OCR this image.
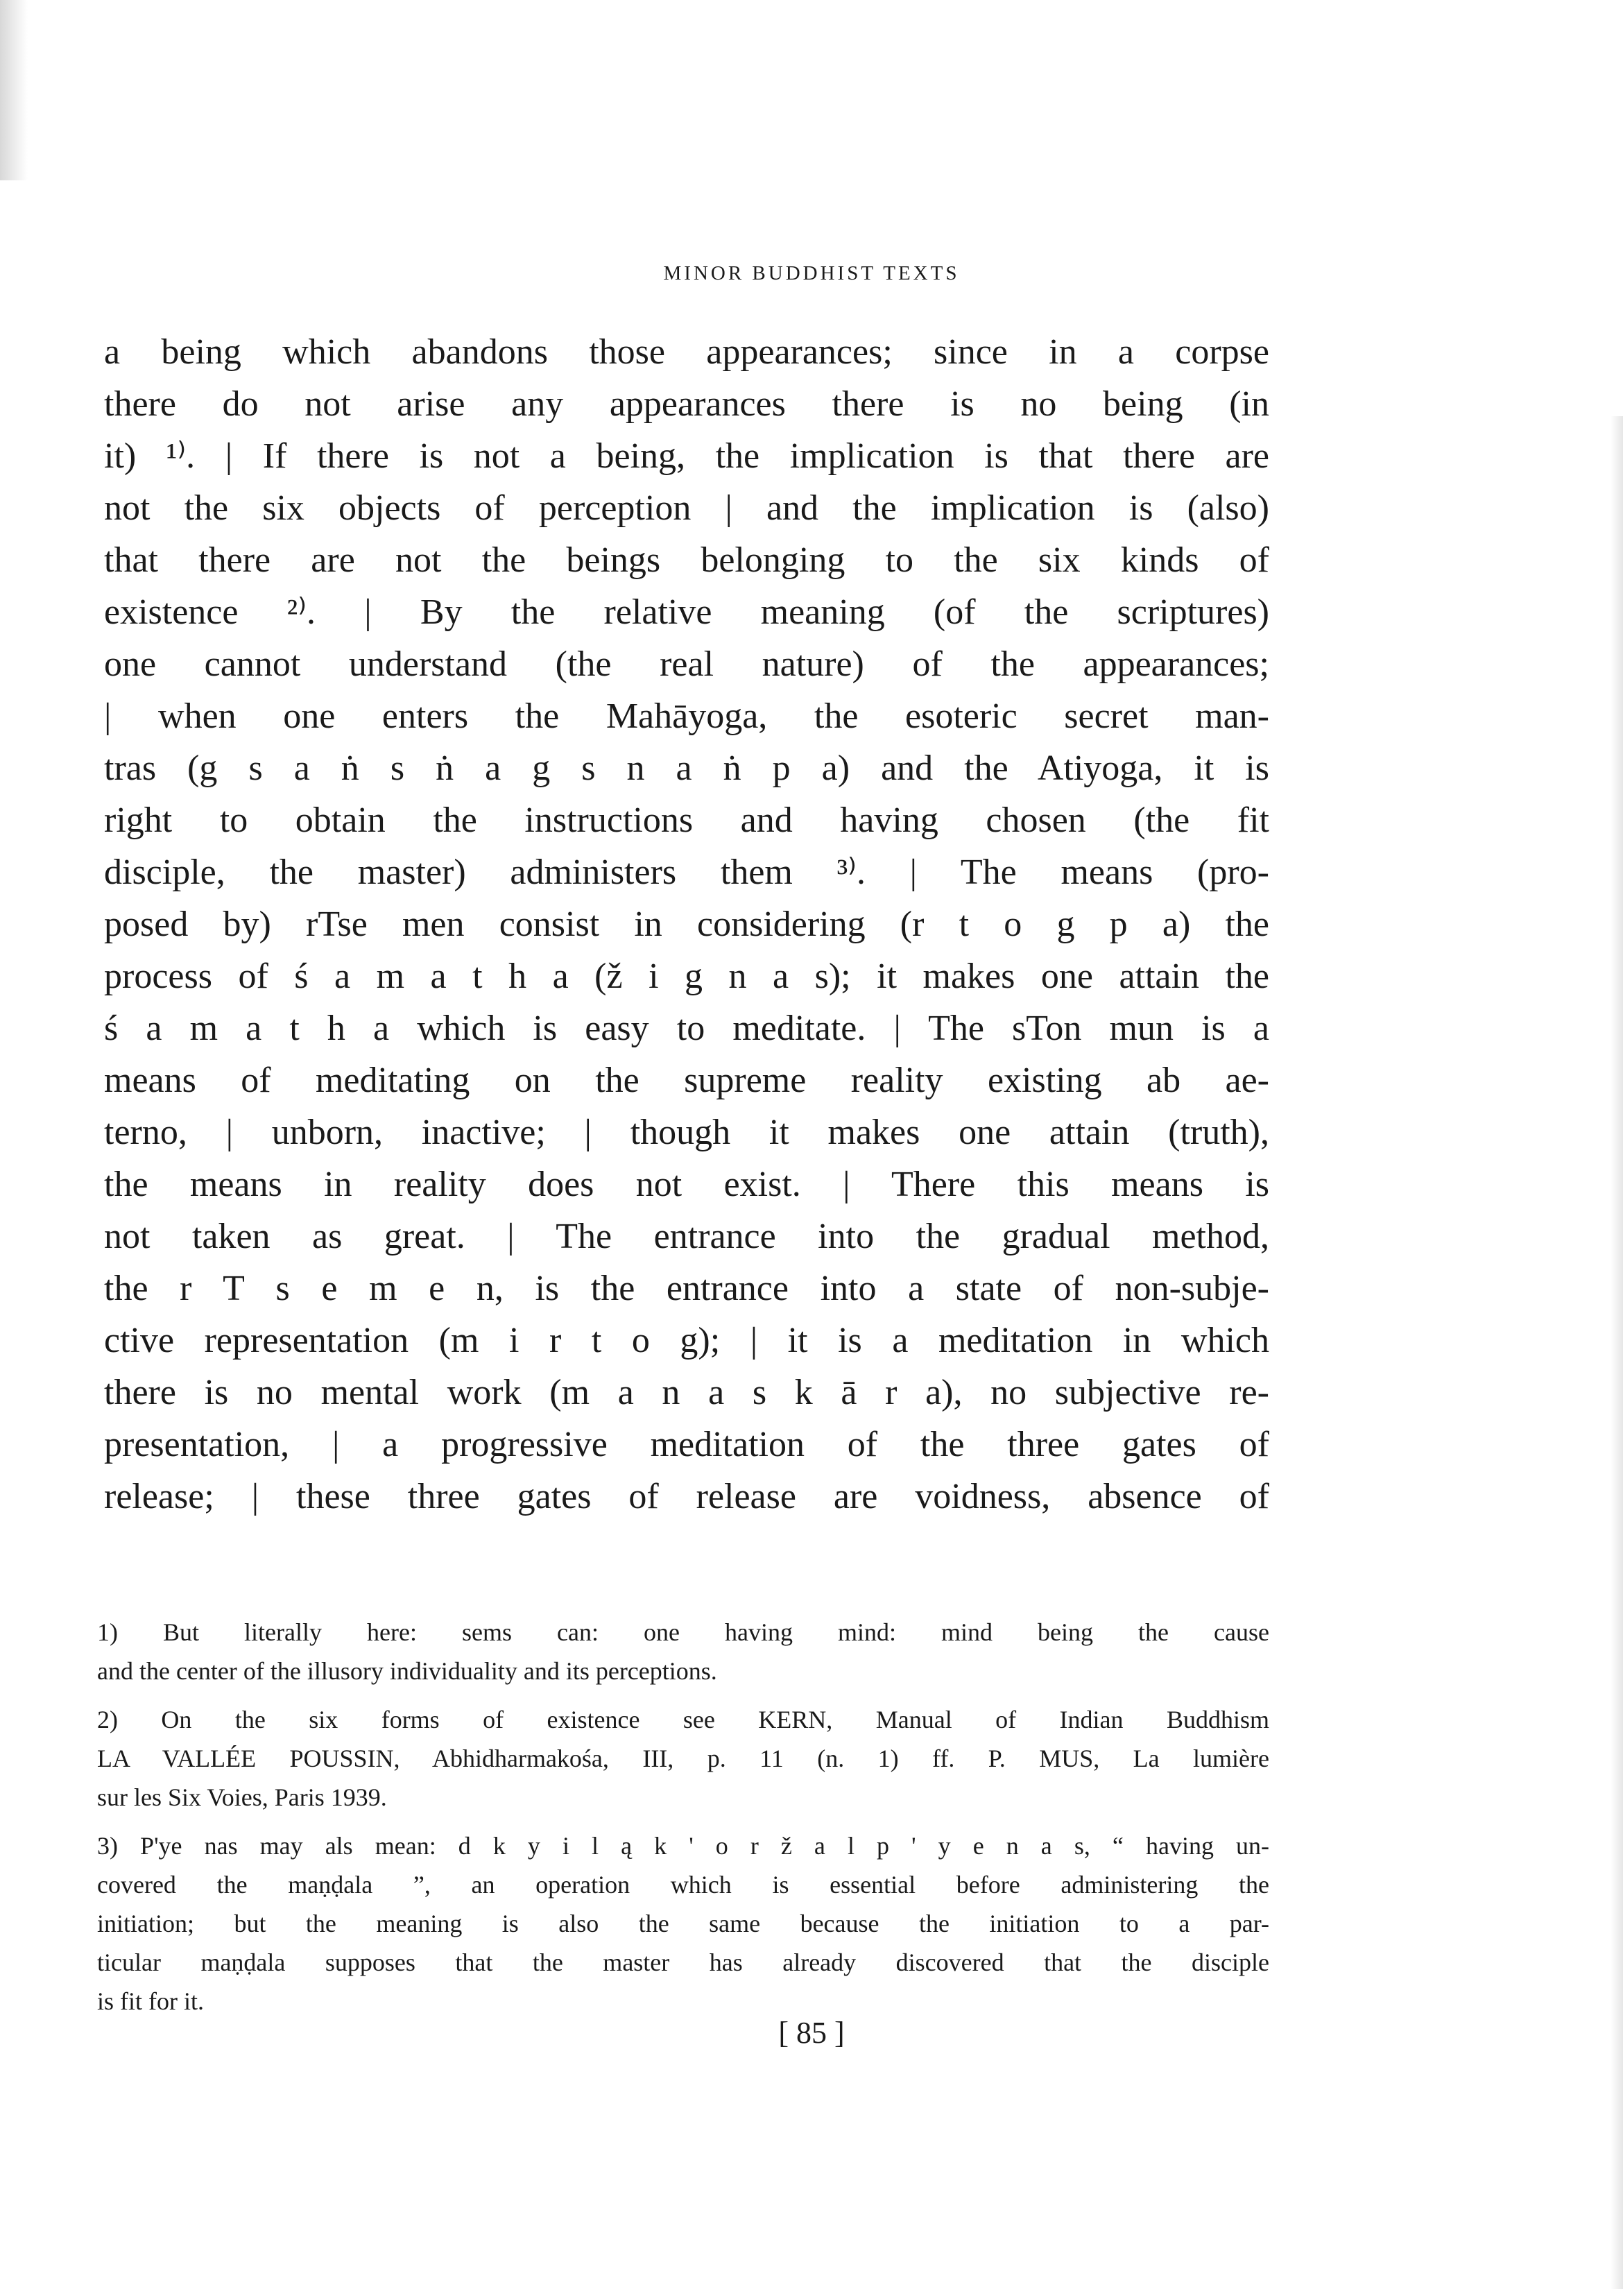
MINOR BUDDHIST TEXTS
a being which abandons those appearances; since in a corpse
there do not arise any appearances there is no being (in
it) ¹⁾. | If there is not a being, the implication is that there are
not the six objects of perception | and the implication is (also)
that there are not the beings belonging to the six kinds of
existence ²⁾. | By the relative meaning (of the scriptures)
one cannot understand (the real nature) of the appearances;
| when one enters the Mahāyoga, the esoteric secret man-
tras (g s a ṅ s ṅ a g s n a ṅ p a) and the Atiyoga, it is
right to obtain the instructions and having chosen (the fit
disciple, the master) administers them ³⁾. | The means (pro-
posed by) rTse men consist in considering (r t o g p a) the
process of ś a m a t h a (ž i g n a s); it makes one attain the
ś a m a t h a which is easy to meditate. | The sTon mun is a
means of meditating on the supreme reality existing ab ae-
terno, | unborn, inactive; | though it makes one attain (truth),
the means in reality does not exist. | There this means is
not taken as great. | The entrance into the gradual method,
the r T s e m e n, is the entrance into a state of non-subje-
ctive representation (m i r t o g); | it is a meditation in which
there is no mental work (m a n a s k ā r a), no subjective re-
presentation, | a progressive meditation of the three gates of
release; | these three gates of release are voidness, absence of
1) But literally here: sems can: one having mind: mind being the cause
and the center of the illusory individuality and its perceptions.
2) On the six forms of existence see KERN, Manual of Indian Buddhism
LA VALLÉE POUSSIN, Abhidharmakośa, III, p. 11 (n. 1) ff. P. MUS, La lumière
sur les Six Voies, Paris 1939.
3) P'ye nas may als mean: d k y i l ą k ' o r ž a l p ' y e n a s, “ having un-
covered the maṇḍala ”, an operation which is essential before administering the
initiation; but the meaning is also the same because the initiation to a par-
ticular maṇḍala supposes that the master has already discovered that the disciple
is fit for it.
[ 85 ]
